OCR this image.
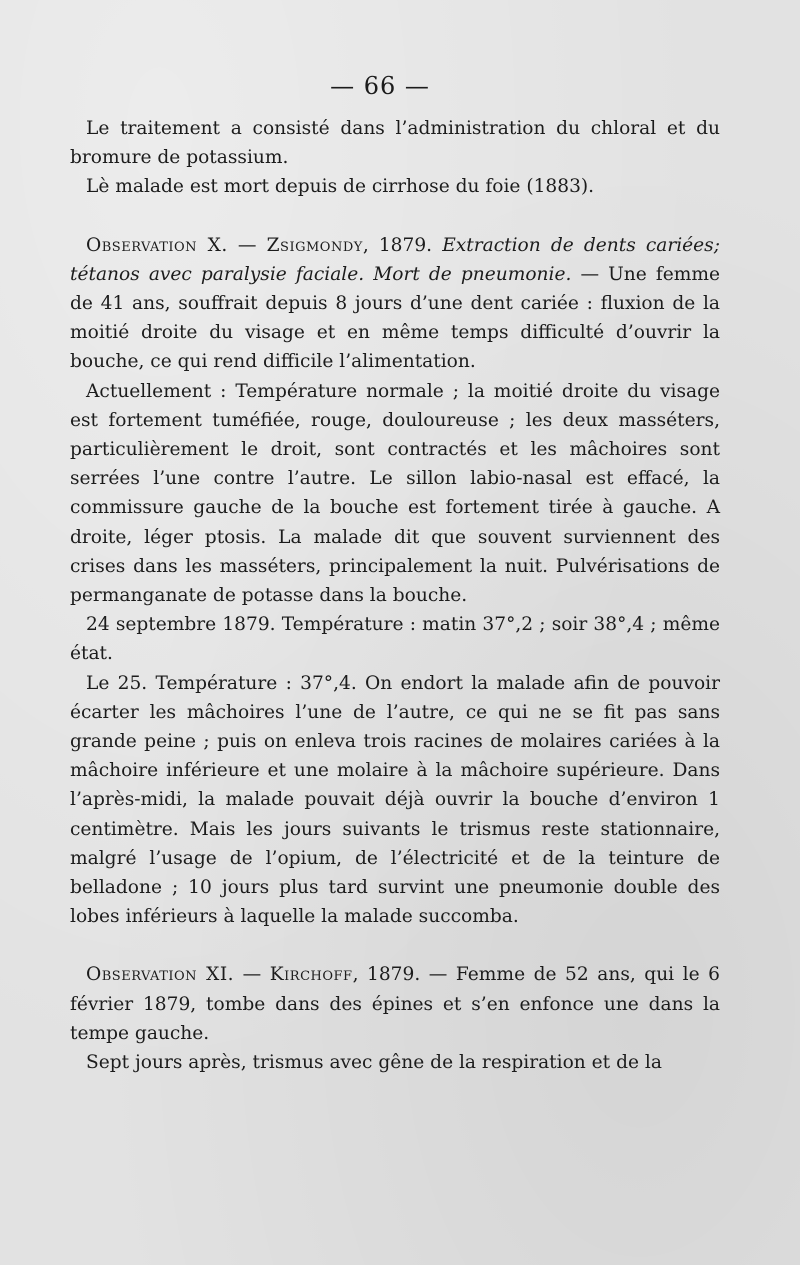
— 66 —

Le traitement a consisté dans l’administration du chloral et du bromure de potassium.

Lè malade est mort depuis de cirrhose du foie (1883).

Observation X. — Zsigmondy, 1879. Extraction de dents cariées; tétanos avec paralysie faciale. Mort de pneumonie. — Une femme de 41 ans, souffrait depuis 8 jours d’une dent cariée : fluxion de la moitié droite du visage et en même temps difficulté d’ouvrir la bouche, ce qui rend difficile l’alimentation.

Actuellement : Température normale ; la moitié droite du visage est fortement tuméfiée, rouge, douloureuse ; les deux masséters, particulièrement le droit, sont contractés et les mâchoires sont serrées l’une contre l’autre. Le sillon labio-nasal est effacé, la commissure gauche de la bouche est fortement tirée à gauche. A droite, léger ptosis. La malade dit que souvent surviennent des crises dans les masséters, principalement la nuit. Pulvérisations de permanganate de potasse dans la bouche.

24 septembre 1879. Température : matin 37°,2 ; soir 38°,4 ; même état.

Le 25. Température : 37°,4. On endort la malade afin de pouvoir écarter les mâchoires l’une de l’autre, ce qui ne se fit pas sans grande peine ; puis on enleva trois racines de molaires cariées à la mâchoire inférieure et une molaire à la mâchoire supérieure. Dans l’après-midi, la malade pouvait déjà ouvrir la bouche d’environ 1 centimètre. Mais les jours suivants le trismus reste stationnaire, malgré l’usage de l’opium, de l’électricité et de la teinture de belladone ; 10 jours plus tard survint une pneumonie double des lobes inférieurs à laquelle la malade succomba.

Observation XI. — Kirchoff, 1879. — Femme de 52 ans, qui le 6 février 1879, tombe dans des épines et s’en enfonce une dans la tempe gauche.

Sept jours après, trismus avec gêne de la respiration et de la
